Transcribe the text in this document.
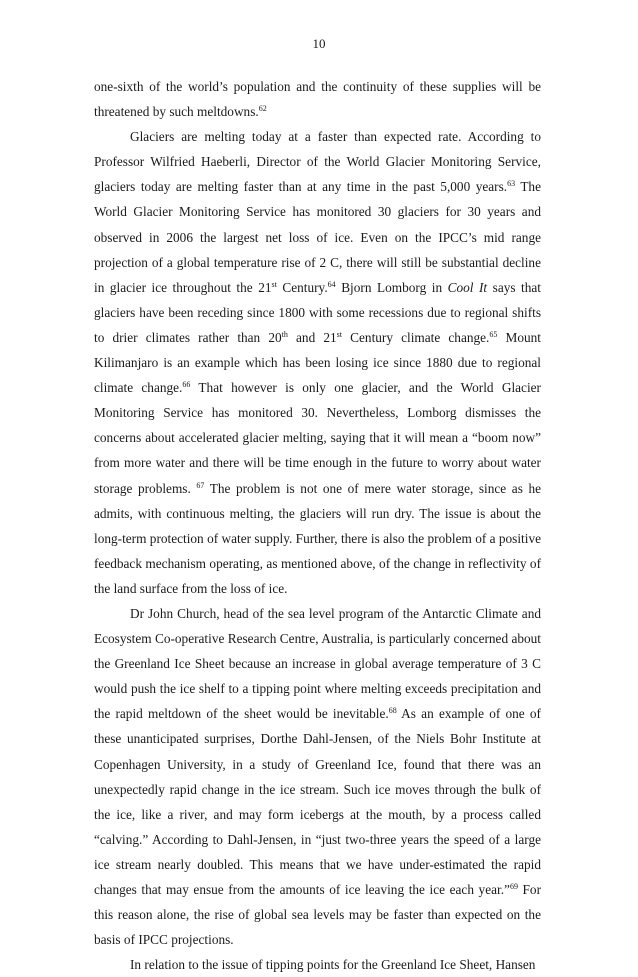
10

one-sixth of the world’s population and the continuity of these supplies will be threatened by such meltdowns.$^{62}$

Glaciers are melting today at a faster than expected rate. According to Professor Wilfried Haeberli, Director of the World Glacier Monitoring Service, glaciers today are melting faster than at any time in the past 5,000 years.$^{63}$ The World Glacier Monitoring Service has monitored 30 glaciers for 30 years and observed in 2006 the largest net loss of ice. Even on the IPCC’s mid range projection of a global temperature rise of 2 C, there will still be substantial decline in glacier ice throughout the 21st Century.$^{64}$ Bjorn Lomborg in Cool It says that glaciers have been receding since 1800 with some recessions due to regional shifts to drier climates rather than 20th and 21st Century climate change.$^{65}$ Mount Kilimanjaro is an example which has been losing ice since 1880 due to regional climate change.$^{66}$ That however is only one glacier, and the World Glacier Monitoring Service has monitored 30. Nevertheless, Lomborg dismisses the concerns about accelerated glacier melting, saying that it will mean a “boom now” from more water and there will be time enough in the future to worry about water storage problems. $^{67}$ The problem is not one of mere water storage, since as he admits, with continuous melting, the glaciers will run dry. The issue is about the long-term protection of water supply. Further, there is also the problem of a positive feedback mechanism operating, as mentioned above, of the change in reflectivity of the land surface from the loss of ice.

Dr John Church, head of the sea level program of the Antarctic Climate and Ecosystem Co-operative Research Centre, Australia, is particularly concerned about the Greenland Ice Sheet because an increase in global average temperature of 3 C would push the ice shelf to a tipping point where melting exceeds precipitation and the rapid meltdown of the sheet would be inevitable.$^{68}$ As an example of one of these unanticipated surprises, Dorthe Dahl-Jensen, of the Niels Bohr Institute at Copenhagen University, in a study of Greenland Ice, found that there was an unexpectedly rapid change in the ice stream. Such ice moves through the bulk of the ice, like a river, and may form icebergs at the mouth, by a process called “calving.” According to Dahl-Jensen, in “just two-three years the speed of a large ice stream nearly doubled. This means that we have under-estimated the rapid changes that may ensue from the amounts of ice leaving the ice each year.”$^{69}$ For this reason alone, the rise of global sea levels may be faster than expected on the basis of IPCC projections.

In relation to the issue of tipping points for the Greenland Ice Sheet, Hansen
